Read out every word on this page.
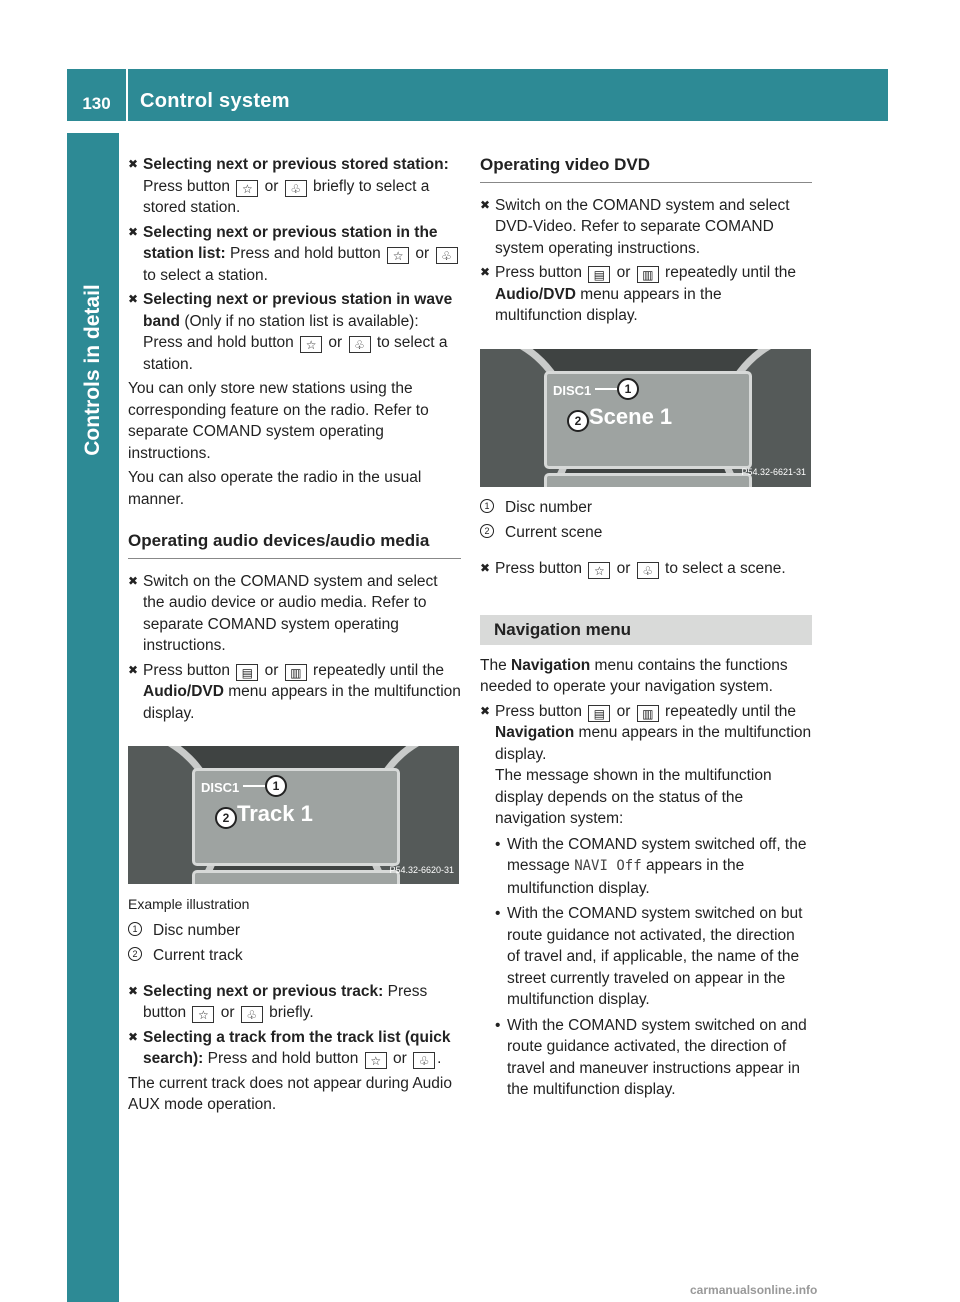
130	Control system
Controls in detail
✖ Selecting next or previous stored station: Press button ☆ or ♧ briefly to select a stored station.
✖ Selecting next or previous station in the station list: Press and hold button ☆ or ♧ to select a station.
✖ Selecting next or previous station in wave band (Only if no station list is available): Press and hold button ☆ or ♧ to select a station.

You can only store new stations using the corresponding feature on the radio. Refer to separate COMAND system operating instructions.

You can also operate the radio in the usual manner.

Operating audio devices/audio media
✖ Switch on the COMAND system and select the audio device or audio media. Refer to separate COMAND system operating instructions.
✖ Press button ▤ or ▥ repeatedly until the Audio/DVD menu appears in the multifunction display.
DISC1
Track 1
1
2
P54.32-6620-31
Example illustration
1 Disc number
2 Current track
✖ Selecting next or previous track: Press button ☆ or ♧ briefly.
✖ Selecting a track from the track list (quick search): Press and hold button ☆ or ♧ .

The current track does not appear during Audio AUX mode operation.

Operating video DVD
✖ Switch on the COMAND system and select DVD-Video. Refer to separate COMAND system operating instructions.
✖ Press button ▤ or ▥ repeatedly until the Audio/DVD menu appears in the multifunction display.
DISC1
Scene 1
1
2
P54.32-6621-31
1 Disc number
2 Current scene
✖ Press button ☆ or ♧ to select a scene.
Navigation menu

The Navigation menu contains the functions needed to operate your navigation system.

✖ Press button ▤ or ▥ repeatedly until the Navigation menu appears in the multifunction display.
The message shown in the multifunction display depends on the status of the navigation system:
• With the COMAND system switched off, the message NAVI Off appears in the multifunction display.
• With the COMAND system switched on but route guidance not activated, the direction of travel and, if applicable, the name of the street currently traveled on appear in the multifunction display.
• With the COMAND system switched on and route guidance activated, the direction of travel and maneuver instructions appear in the multifunction display.
carmanualsonline.info
